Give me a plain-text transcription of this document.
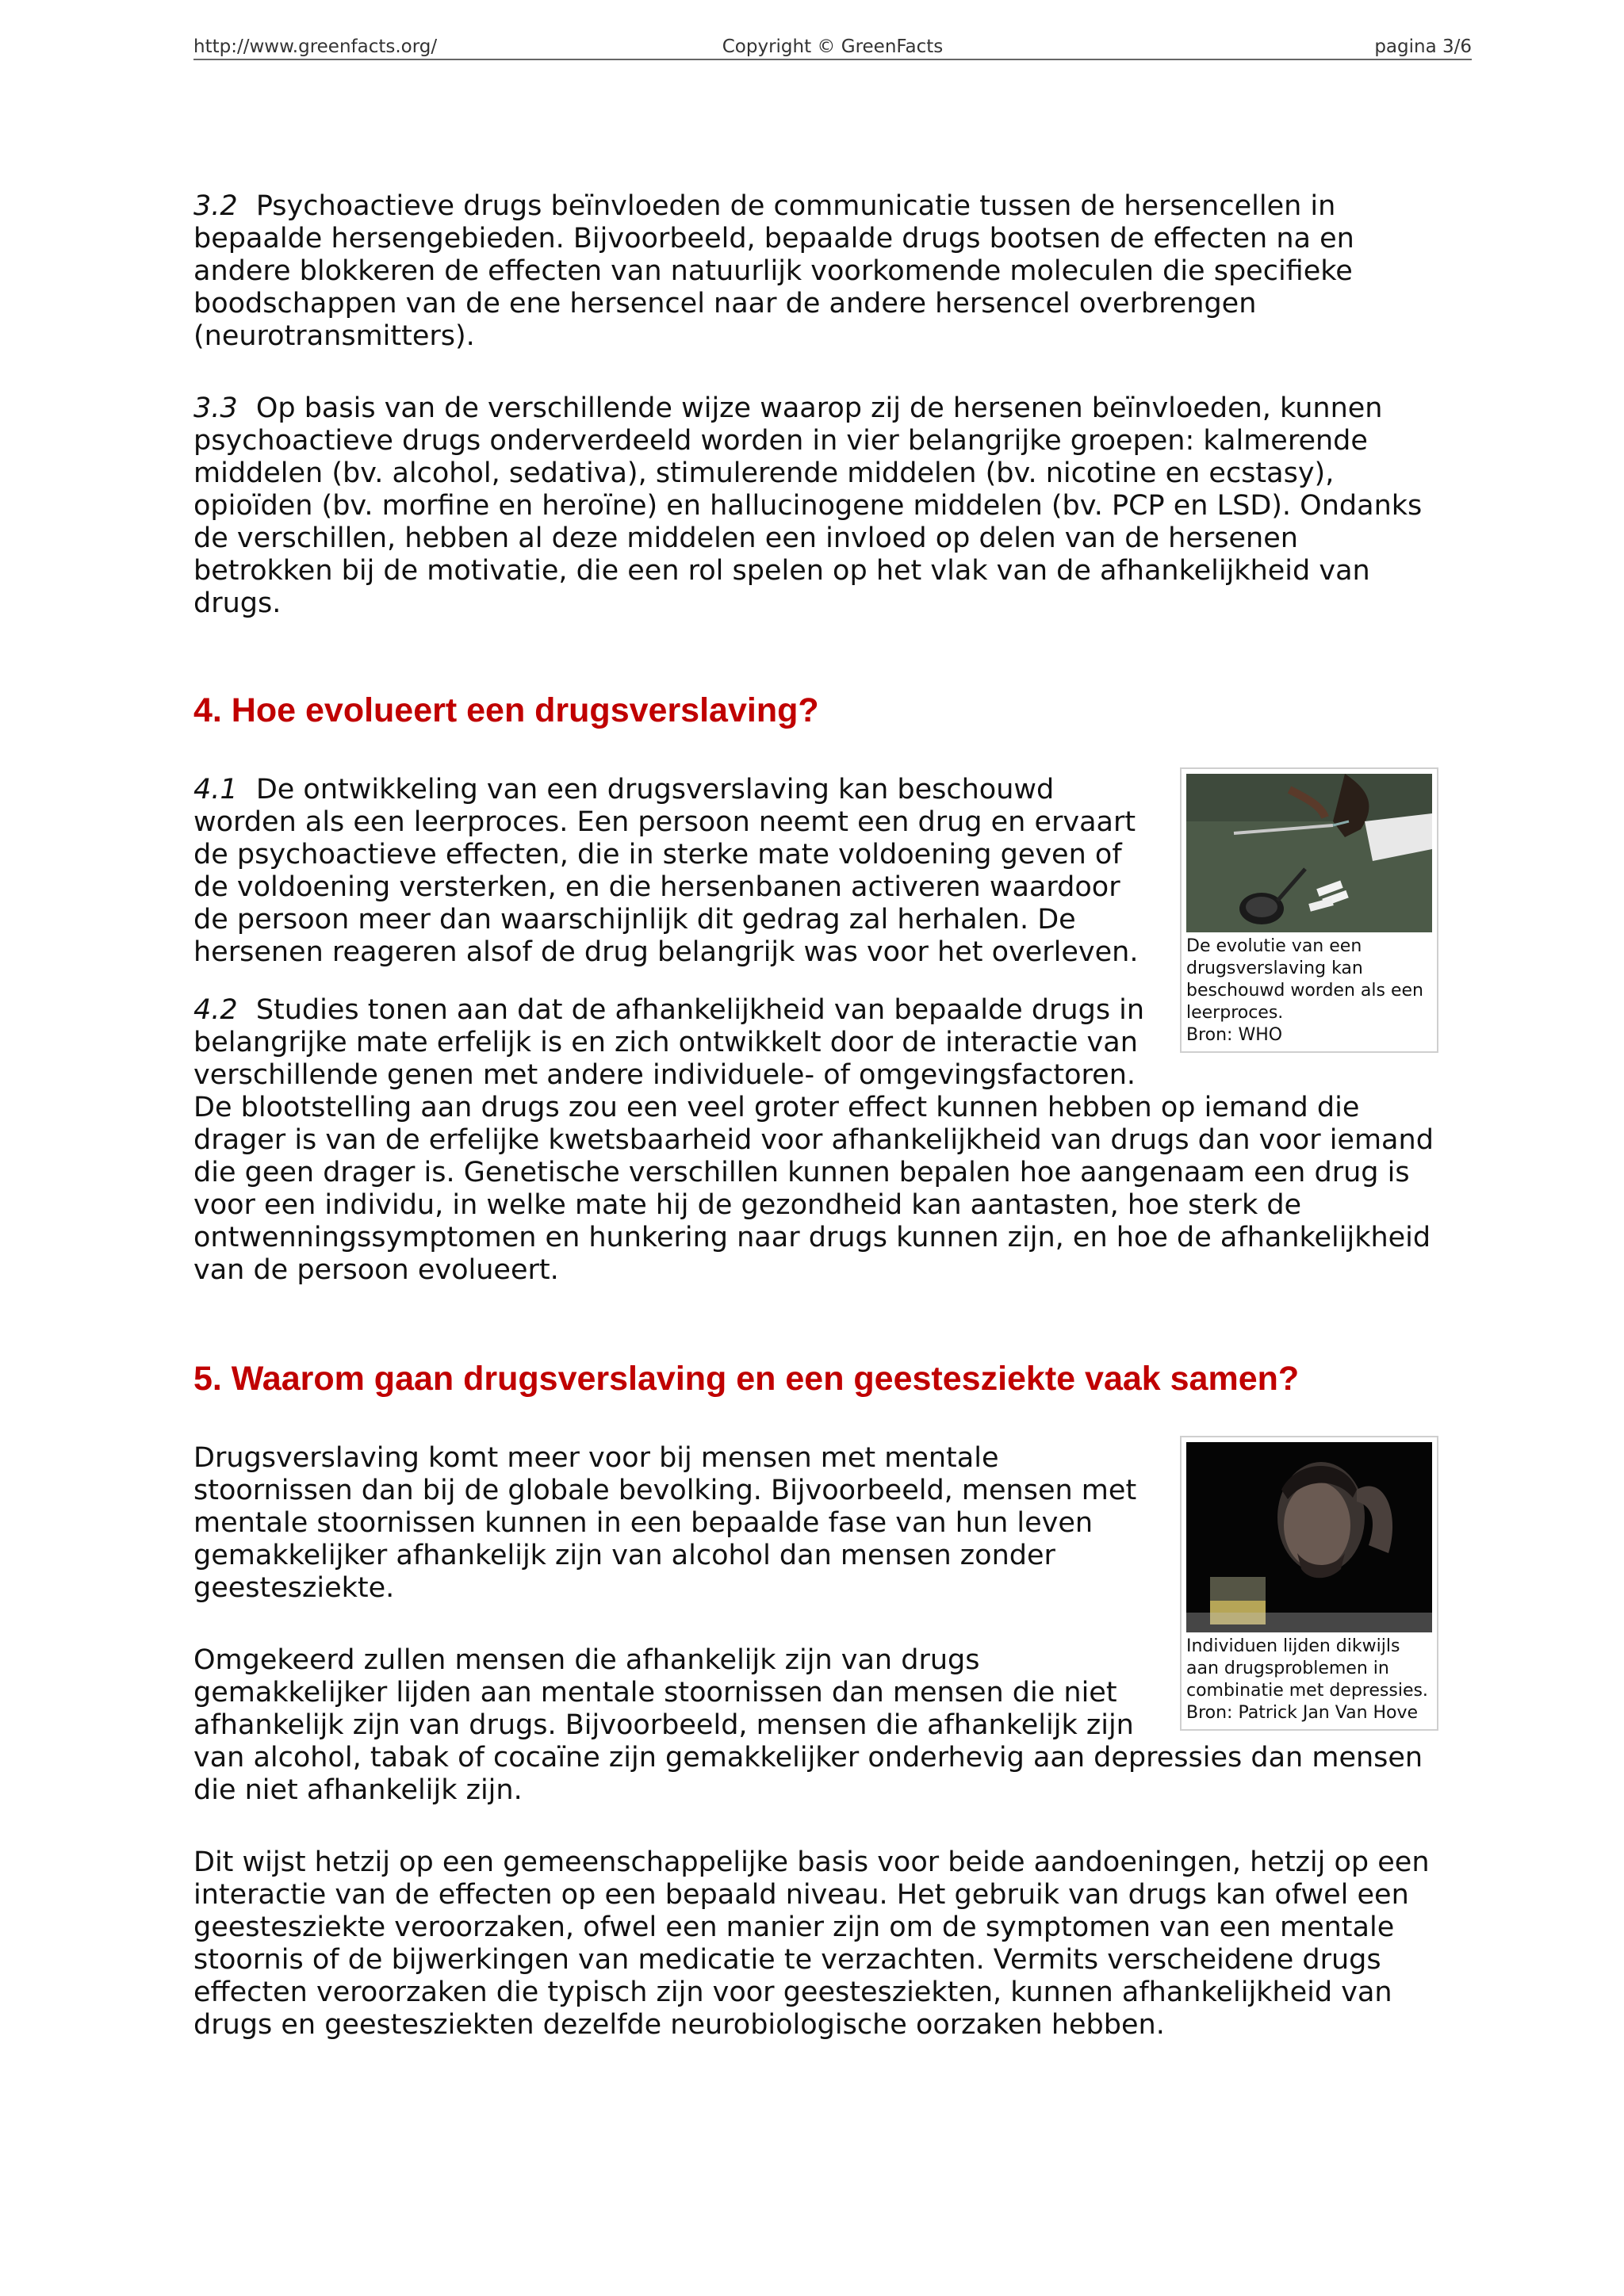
http://www.greenfacts.org/	Copyright © GreenFacts	pagina 3/6

3.2 Psychoactieve drugs beïnvloeden de communicatie tussen de hersencellen in bepaalde hersengebieden. Bijvoorbeeld, bepaalde drugs bootsen de effecten na en andere blokkeren de effecten van natuurlijk voorkomende moleculen die specifieke boodschappen van de ene hersencel naar de andere hersencel overbrengen (neurotransmitters).

3.3 Op basis van de verschillende wijze waarop zij de hersenen beïnvloeden, kunnen psychoactieve drugs onderverdeeld worden in vier belangrijke groepen: kalmerende middelen (bv. alcohol, sedativa), stimulerende middelen (bv. nicotine en ecstasy), opioïden (bv. morfine en heroïne) en hallucinogene middelen (bv. PCP en LSD). Ondanks de verschillen, hebben al deze middelen een invloed op delen van de hersenen betrokken bij de motivatie, die een rol spelen op het vlak van de afhankelijkheid van drugs.

4. Hoe evolueert een drugsverslaving?
De evolutie van een drugsverslaving kan beschouwd worden als een leerproces.
Bron: WHO

4.1 De ontwikkeling van een drugsverslaving kan beschouwd worden als een leerproces. Een persoon neemt een drug en ervaart de psychoactieve effecten, die in sterke mate voldoening geven of de voldoening versterken, en die hersenbanen activeren waardoor de persoon meer dan waarschijnlijk dit gedrag zal herhalen. De hersenen reageren alsof de drug belangrijk was voor het overleven.

4.2 Studies tonen aan dat de afhankelijkheid van bepaalde drugs in belangrijke mate erfelijk is en zich ontwikkelt door de interactie van verschillende genen met andere individuele- of omgevingsfactoren. De blootstelling aan drugs zou een veel groter effect kunnen hebben op iemand die drager is van de erfelijke kwetsbaarheid voor afhankelijkheid van drugs dan voor iemand die geen drager is. Genetische verschillen kunnen bepalen hoe aangenaam een drug is voor een individu, in welke mate hij de gezondheid kan aantasten, hoe sterk de ontwenningssymptomen en hunkering naar drugs kunnen zijn, en hoe de afhankelijkheid van de persoon evolueert.

5. Waarom gaan drugsverslaving en een geestesziekte vaak samen?
Individuen lijden dikwijls aan drugsproblemen in combinatie met depressies.
Bron: Patrick Jan Van Hove

Drugsverslaving komt meer voor bij mensen met mentale stoornissen dan bij de globale bevolking. Bijvoorbeeld, mensen met mentale stoornissen kunnen in een bepaalde fase van hun leven gemakkelijker afhankelijk zijn van alcohol dan mensen zonder geestesziekte.

Omgekeerd zullen mensen die afhankelijk zijn van drugs gemakkelijker lijden aan mentale stoornissen dan mensen die niet afhankelijk zijn van drugs. Bijvoorbeeld, mensen die afhankelijk zijn van alcohol, tabak of cocaïne zijn gemakkelijker onderhevig aan depressies dan mensen die niet afhankelijk zijn.

Dit wijst hetzij op een gemeenschappelijke basis voor beide aandoeningen, hetzij op een interactie van de effecten op een bepaald niveau. Het gebruik van drugs kan ofwel een geestesziekte veroorzaken, ofwel een manier zijn om de symptomen van een mentale stoornis of de bijwerkingen van medicatie te verzachten. Vermits verscheidene drugs effecten veroorzaken die typisch zijn voor geestesziekten, kunnen afhankelijkheid van drugs en geestesziekten dezelfde neurobiologische oorzaken hebben.
